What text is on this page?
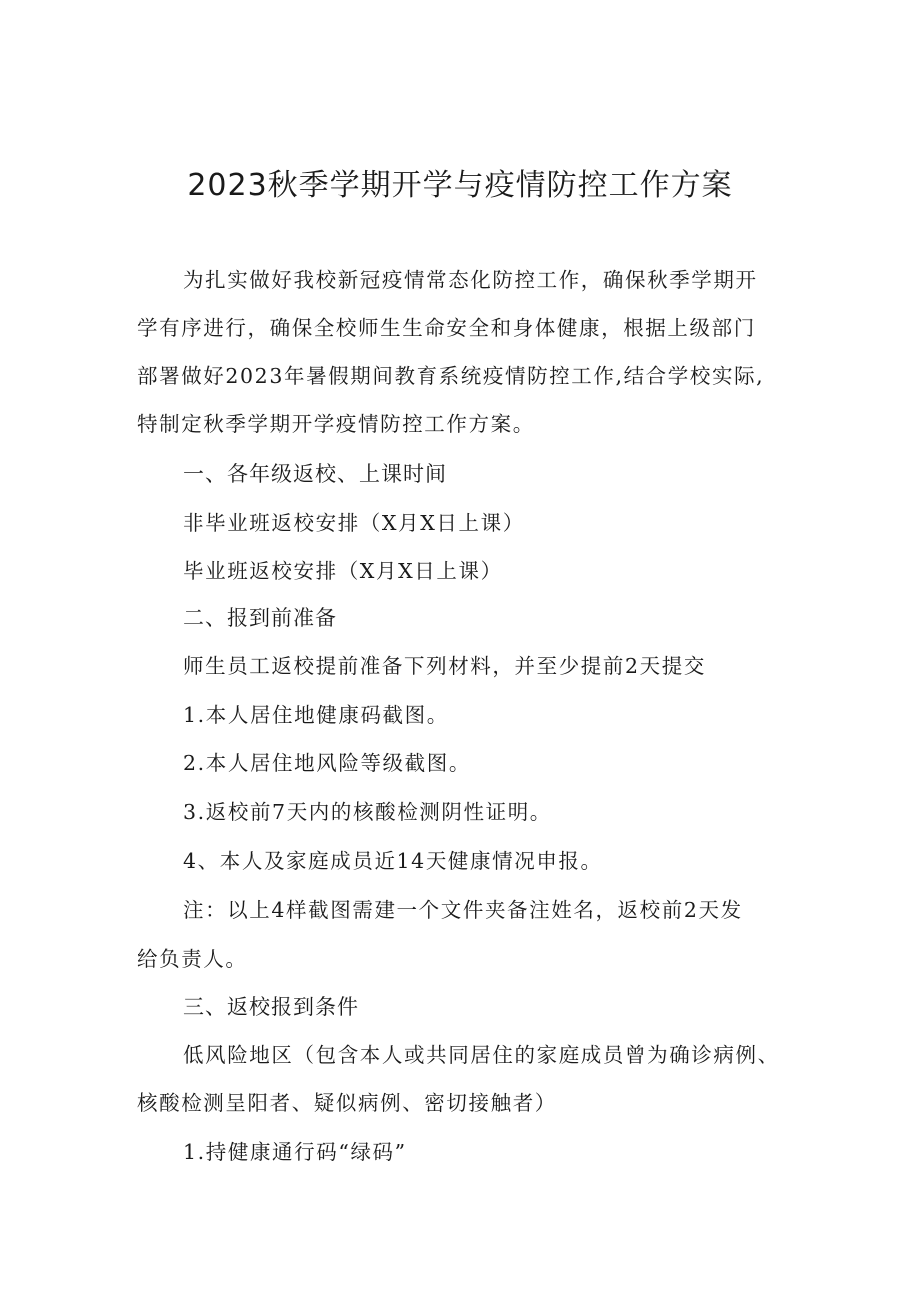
2023秋季学期开学与疫情防控工作方案
为扎实做好我校新冠疫情常态化防控工作，确保秋季学期开
学有序进行，确保全校师生生命安全和身体健康，根据上级部门
部署做好2023年暑假期间教育系统疫情防控工作,结合学校实际,
特制定秋季学期开学疫情防控工作方案。
一、各年级返校、上课时间
非毕业班返校安排（X月X日上课）
毕业班返校安排（X月X日上课）
二、报到前准备
师生员工返校提前准备下列材料，并至少提前2天提交
1.本人居住地健康码截图。
2.本人居住地风险等级截图。
3.返校前7天内的核酸检测阴性证明。
4、本人及家庭成员近14天健康情况申报。
注：以上4样截图需建一个文件夹备注姓名，返校前2天发
给负责人。
三、返校报到条件
低风险地区（包含本人或共同居住的家庭成员曾为确诊病例、
核酸检测呈阳者、疑似病例、密切接触者）
1.持健康通行码“绿码”
